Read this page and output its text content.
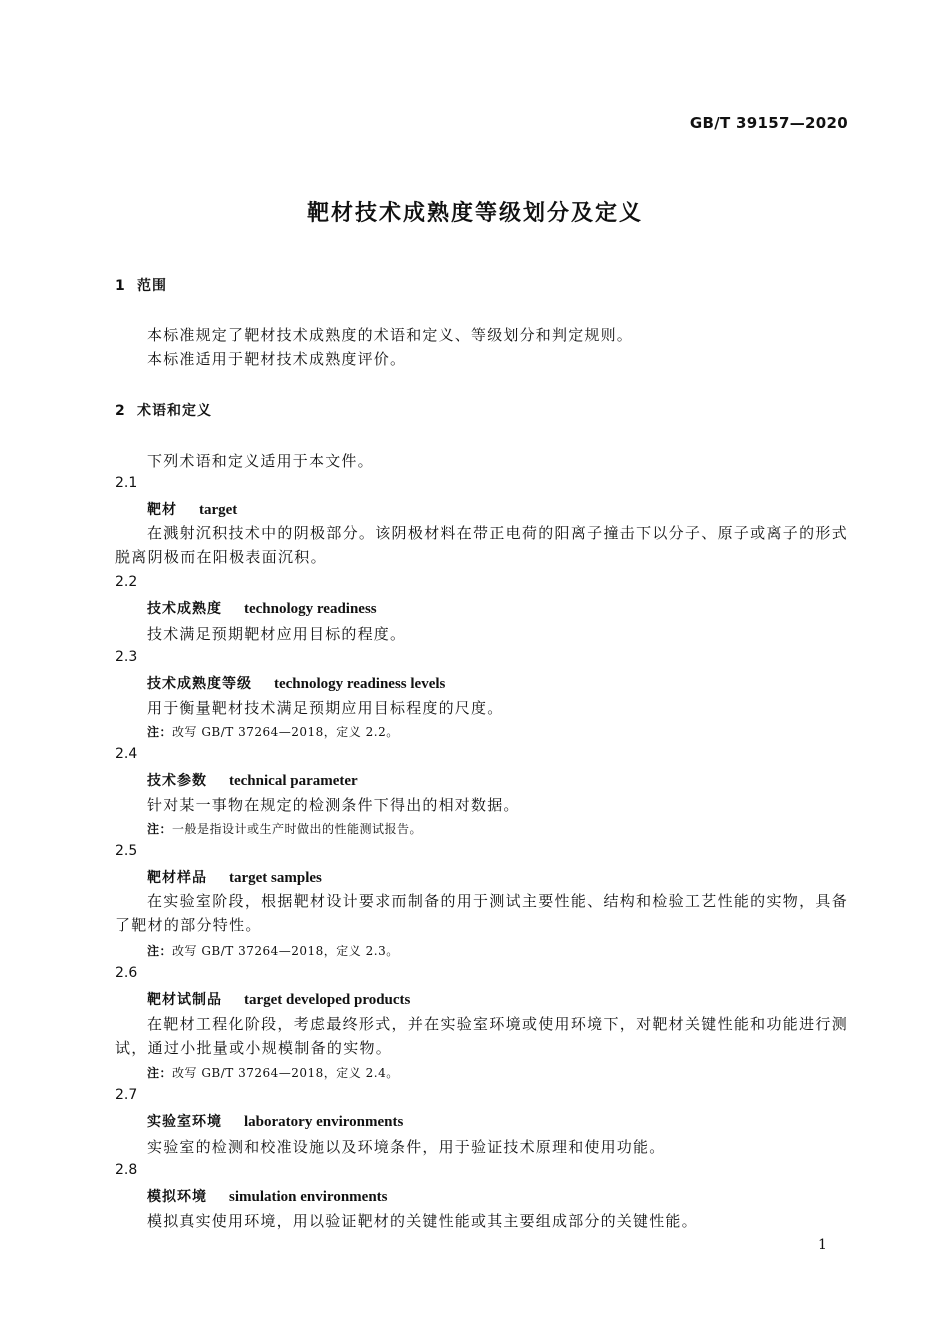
GB/T 39157—2020
靶材技术成熟度等级划分及定义
1 范围
本标准规定了靶材技术成熟度的术语和定义、等级划分和判定规则。
本标准适用于靶材技术成熟度评价。
2 术语和定义
下列术语和定义适用于本文件。
2.1
靶材 target
在溅射沉积技术中的阴极部分。该阴极材料在带正电荷的阳离子撞击下以分子、原子或离子的形式脱离阴极而在阳极表面沉积。
2.2
技术成熟度 technology readiness
技术满足预期靶材应用目标的程度。
2.3
技术成熟度等级 technology readiness levels
用于衡量靶材技术满足预期应用目标程度的尺度。
注：改写 GB/T 37264—2018，定义 2.2。
2.4
技术参数 technical parameter
针对某一事物在规定的检测条件下得出的相对数据。
注：一般是指设计或生产时做出的性能测试报告。
2.5
靶材样品 target samples
在实验室阶段，根据靶材设计要求而制备的用于测试主要性能、结构和检验工艺性能的实物，具备了靶材的部分特性。
注：改写 GB/T 37264—2018，定义 2.3。
2.6
靶材试制品 target developed products
在靶材工程化阶段，考虑最终形式，并在实验室环境或使用环境下，对靶材关键性能和功能进行测试，通过小批量或小规模制备的实物。
注：改写 GB/T 37264—2018，定义 2.4。
2.7
实验室环境 laboratory environments
实验室的检测和校准设施以及环境条件，用于验证技术原理和使用功能。
2.8
模拟环境 simulation environments
模拟真实使用环境，用以验证靶材的关键性能或其主要组成部分的关键性能。
1
